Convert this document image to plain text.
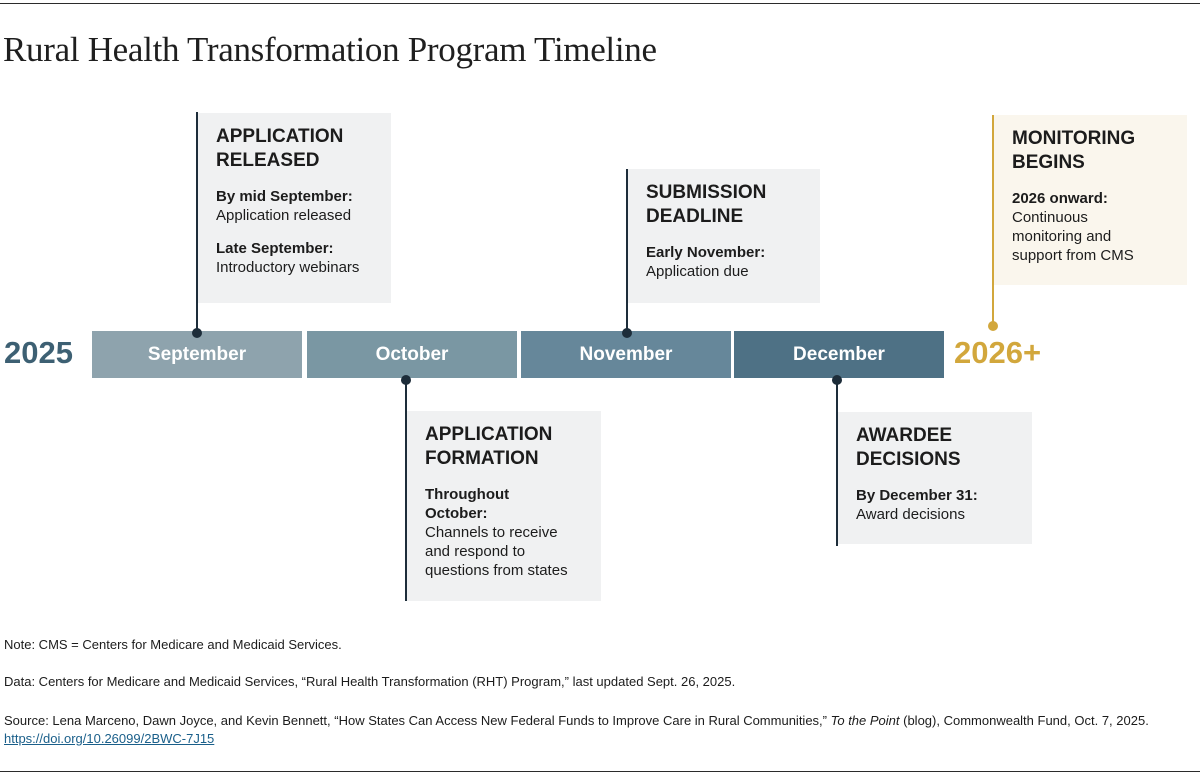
Rural Health Transformation Program Timeline
2025	2026+
September	October	November	December
APPLICATION RELEASED
By mid September:
Application released
Late September:
Introductory webinars
APPLICATION FORMATION
Throughout October:
Channels to receive and respond to questions from states
SUBMISSION DEADLINE
Early November:
Application due
AWARDEE DECISIONS
By December 31:
Award decisions
MONITORING BEGINS
2026 onward:
Continuous monitoring and support from CMS
Note: CMS = Centers for Medicare and Medicaid Services.
Data: Centers for Medicare and Medicaid Services, “Rural Health Transformation (RHT) Program,” last updated Sept. 26, 2025.
Source: Lena Marceno, Dawn Joyce, and Kevin Bennett, “How States Can Access New Federal Funds to Improve Care in Rural Communities,” To the Point (blog), Commonwealth Fund, Oct. 7, 2025. https://doi.org/10.26099/2BWC-7J15
